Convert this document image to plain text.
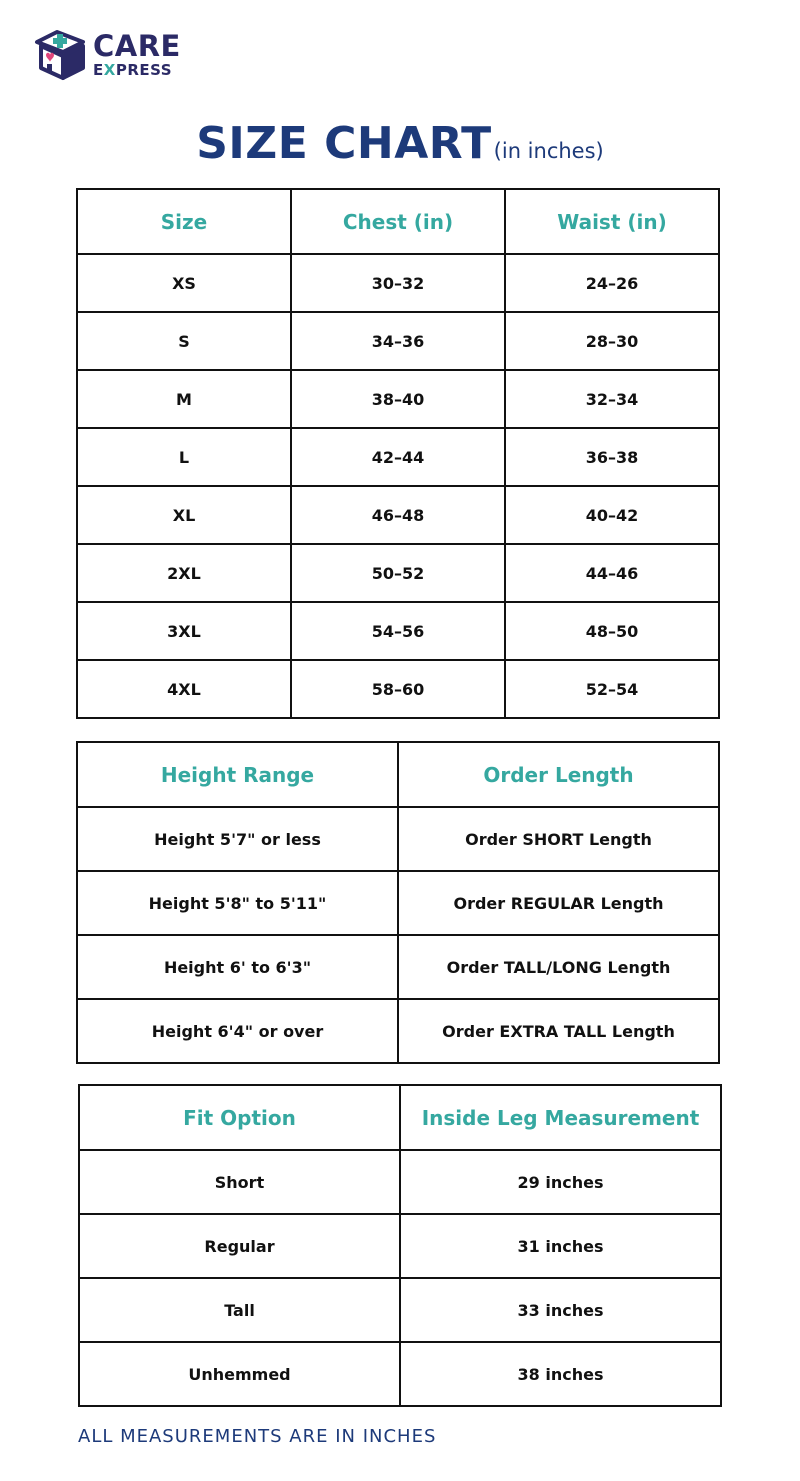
CARE
EXPRESS
SIZE CHART(in inches)
Size	Chest (in)	Waist (in)
XS	30–32	24–26
S	34–36	28–30
M	38–40	32–34
L	42–44	36–38
XL	46–48	40–42
2XL	50–52	44–46
3XL	54–56	48–50
4XL	58–60	52–54
Height Range	Order Length
Height 5'7" or less	Order SHORT Length
Height 5'8" to 5'11"	Order REGULAR Length
Height 6' to 6'3"	Order TALL/LONG Length
Height 6'4" or over	Order EXTRA TALL Length
Fit Option	Inside Leg Measurement
Short	29 inches
Regular	31 inches
Tall	33 inches
Unhemmed	38 inches
ALL MEASUREMENTS ARE IN INCHES
